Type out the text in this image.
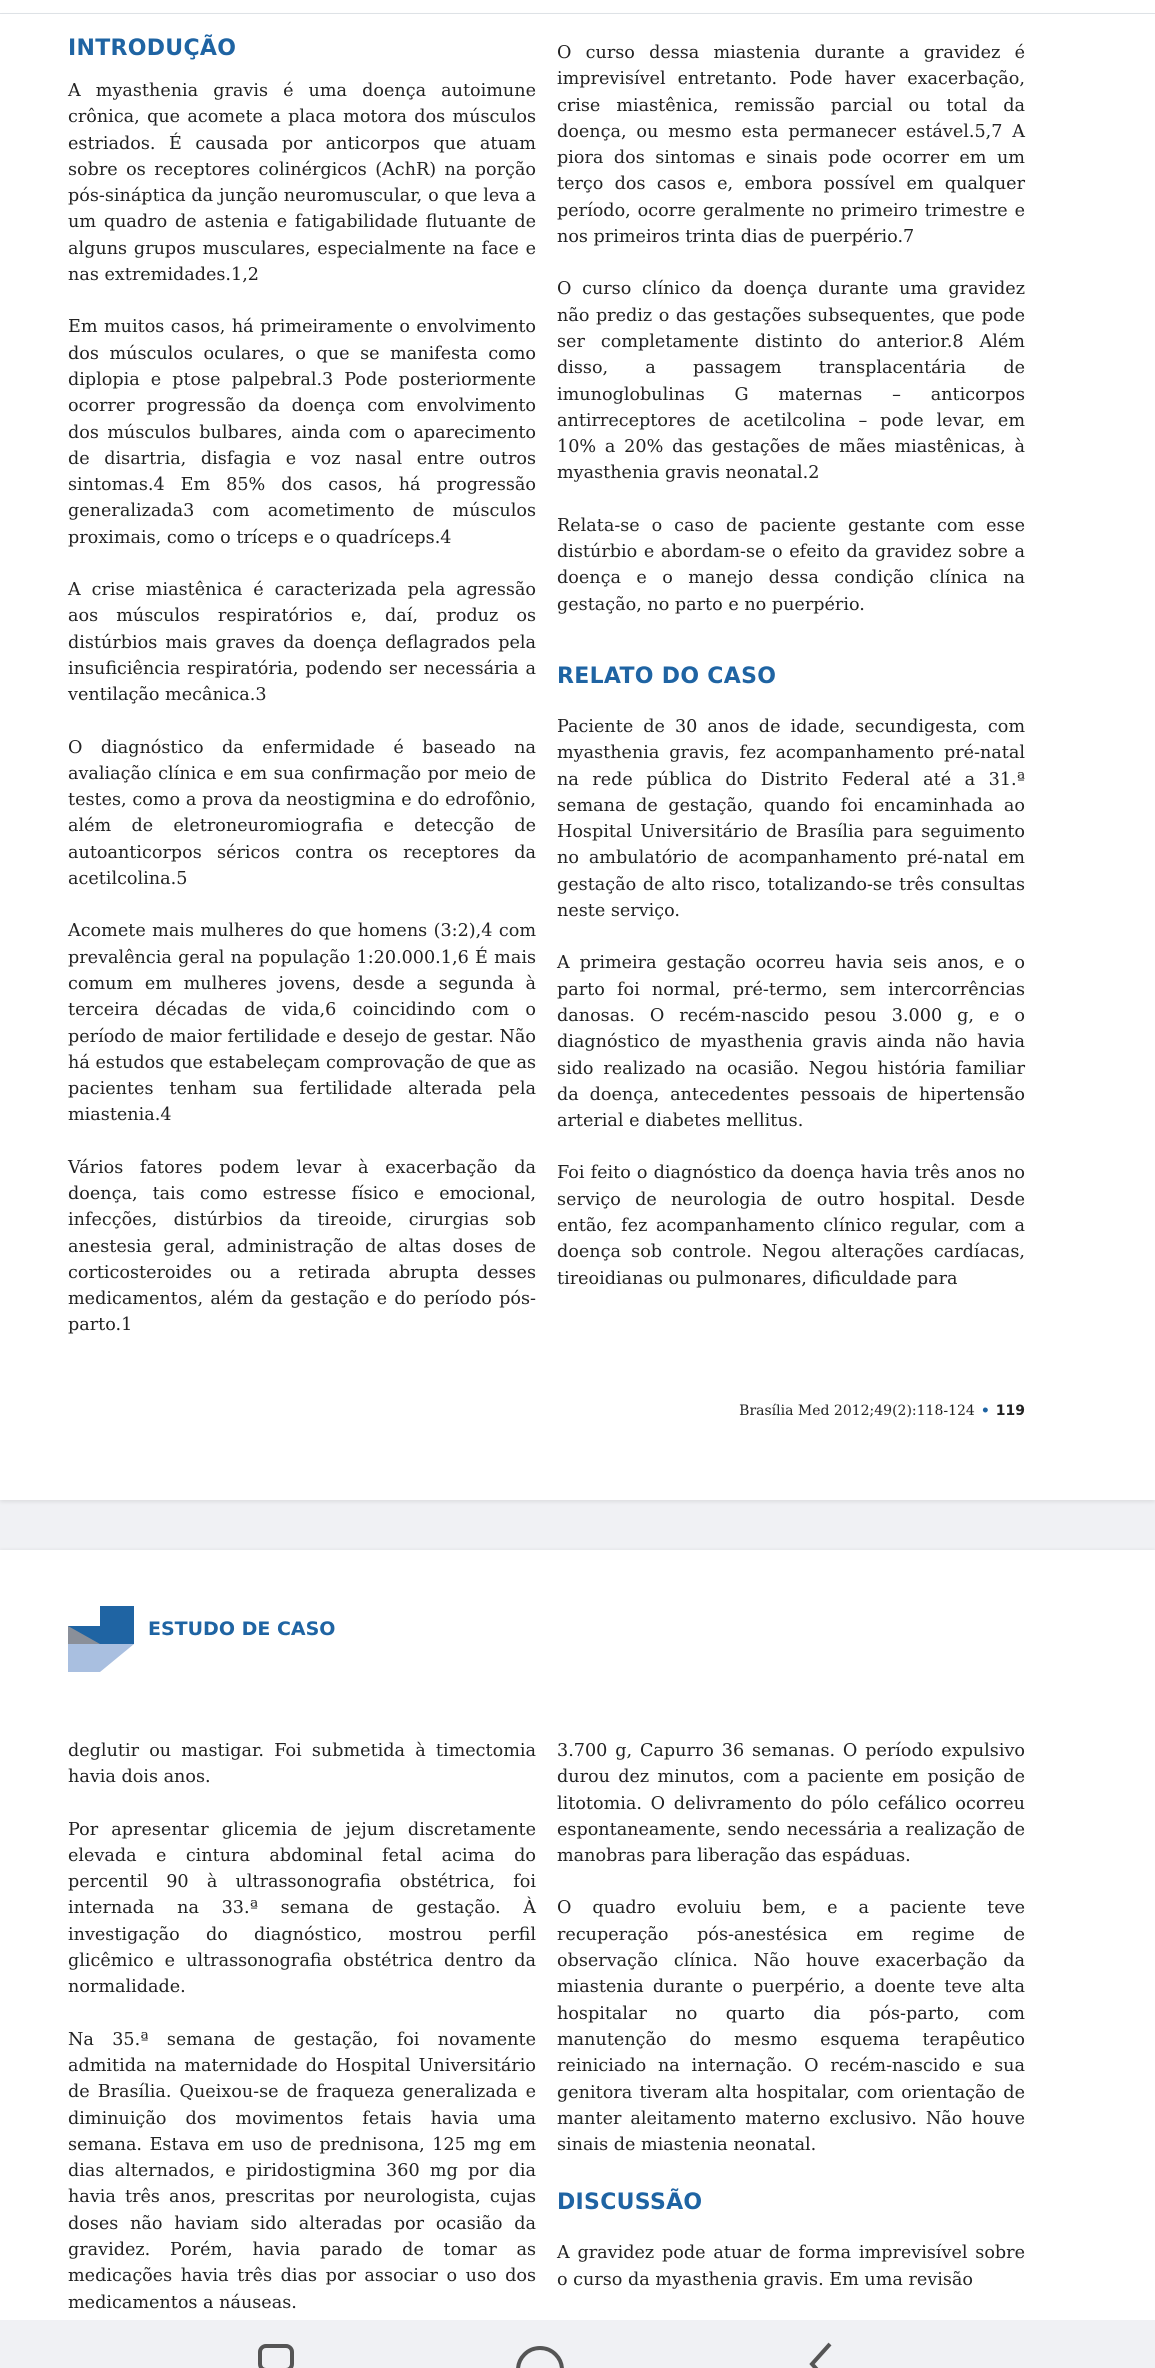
INTRODUÇÃO

A myasthenia gravis é uma doença autoimune crônica, que acomete a placa motora dos músculos estriados. É causada por anticorpos que atuam sobre os receptores colinérgicos (AchR) na porção pós-sináptica da junção neuromuscular, o que leva a um quadro de astenia e fatigabilidade flutuante de alguns grupos musculares, especialmente na face e nas extremidades.1,2

Em muitos casos, há primeiramente o envolvimento dos músculos oculares, o que se manifesta como diplopia e ptose palpebral.3 Pode posteriormente ocorrer progressão da doença com envolvimento dos músculos bulbares, ainda com o aparecimento de disartria, disfagia e voz nasal entre outros sintomas.4 Em 85% dos casos, há progressão generalizada3 com acometimento de músculos proximais, como o tríceps e o quadríceps.4

A crise miastênica é caracterizada pela agressão aos músculos respiratórios e, daí, produz os distúrbios mais graves da doença deflagrados pela insuficiência respiratória, podendo ser necessária a ventilação mecânica.3

O diagnóstico da enfermidade é baseado na avaliação clínica e em sua confirmação por meio de testes, como a prova da neostigmina e do edrofônio, além de eletroneuromiografia e detecção de autoanticorpos séricos contra os receptores da acetilcolina.5

Acomete mais mulheres do que homens (3:2),4 com prevalência geral na população 1:20.000.1,6 É mais comum em mulheres jovens, desde a segunda à terceira décadas de vida,6 coincidindo com o período de maior fertilidade e desejo de gestar. Não há estudos que estabeleçam comprovação de que as pacientes tenham sua fertilidade alterada pela miastenia.4

Vários fatores podem levar à exacerbação da doença, tais como estresse físico e emocional, infecções, distúrbios da tireoide, cirurgias sob anestesia geral, administração de altas doses de corticosteroides ou a retirada abrupta desses medicamentos, além da gestação e do período pós-parto.1

O curso dessa miastenia durante a gravidez é imprevisível entretanto. Pode haver exacerbação, crise miastênica, remissão parcial ou total da doença, ou mesmo esta permanecer estável.5,7 A piora dos sintomas e sinais pode ocorrer em um terço dos casos e, embora possível em qualquer período, ocorre geralmente no primeiro trimestre e nos primeiros trinta dias de puerpério.7

O curso clínico da doença durante uma gravidez não prediz o das gestações subsequentes, que pode ser completamente distinto do anterior.8 Além disso, a passagem transplacentária de imunoglobulinas G maternas – anticorpos antirreceptores de acetilcolina – pode levar, em 10% a 20% das gestações de mães miastênicas, à myasthenia gravis neonatal.2

Relata-se o caso de paciente gestante com esse distúrbio e abordam-se o efeito da gravidez sobre a doença e o manejo dessa condição clínica na gestação, no parto e no puerpério.

RELATO DO CASO

Paciente de 30 anos de idade, secundigesta, com myasthenia gravis, fez acompanhamento pré-natal na rede pública do Distrito Federal até a 31.ª semana de gestação, quando foi encaminhada ao Hospital Universitário de Brasília para seguimento no ambulatório de acompanhamento pré-natal em gestação de alto risco, totalizando-se três consultas neste serviço.

A primeira gestação ocorreu havia seis anos, e o parto foi normal, pré-termo, sem intercorrências danosas. O recém-nascido pesou 3.000 g, e o diagnóstico de myasthenia gravis ainda não havia sido realizado na ocasião. Negou história familiar da doença, antecedentes pessoais de hipertensão arterial e diabetes mellitus.

Foi feito o diagnóstico da doença havia três anos no serviço de neurologia de outro hospital. Desde então, fez acompanhamento clínico regular, com a doença sob controle. Negou alterações cardíacas, tireoidianas ou pulmonares, dificuldade para

Brasília Med 2012;49(2):118-124 • 119
ESTUDO DE CASO

deglutir ou mastigar. Foi submetida à timectomia havia dois anos.

Por apresentar glicemia de jejum discretamente elevada e cintura abdominal fetal acima do percentil 90 à ultrassonografia obstétrica, foi internada na 33.ª semana de gestação. À investigação do diagnóstico, mostrou perfil glicêmico e ultrassonografia obstétrica dentro da normalidade.

Na 35.ª semana de gestação, foi novamente admitida na maternidade do Hospital Universitário de Brasília. Queixou-se de fraqueza generalizada e diminuição dos movimentos fetais havia uma semana. Estava em uso de prednisona, 125 mg em dias alternados, e piridostigmina 360 mg por dia havia três anos, prescritas por neurologista, cujas doses não haviam sido alteradas por ocasião da gravidez. Porém, havia parado de tomar as medicações havia três dias por associar o uso dos medicamentos a náuseas.

3.700 g, Capurro 36 semanas. O período expulsivo durou dez minutos, com a paciente em posição de litotomia. O delivramento do pólo cefálico ocorreu espontaneamente, sendo necessária a realização de manobras para liberação das espáduas.

O quadro evoluiu bem, e a paciente teve recuperação pós-anestésica em regime de observação clínica. Não houve exacerbação da miastenia durante o puerpério, a doente teve alta hospitalar no quarto dia pós-parto, com manutenção do mesmo esquema terapêutico reiniciado na internação. O recém-nascido e sua genitora tiveram alta hospitalar, com orientação de manter aleitamento materno exclusivo. Não houve sinais de miastenia neonatal.

DISCUSSÃO

A gravidez pode atuar de forma imprevisível sobre o curso da myasthenia gravis. Em uma revisão
